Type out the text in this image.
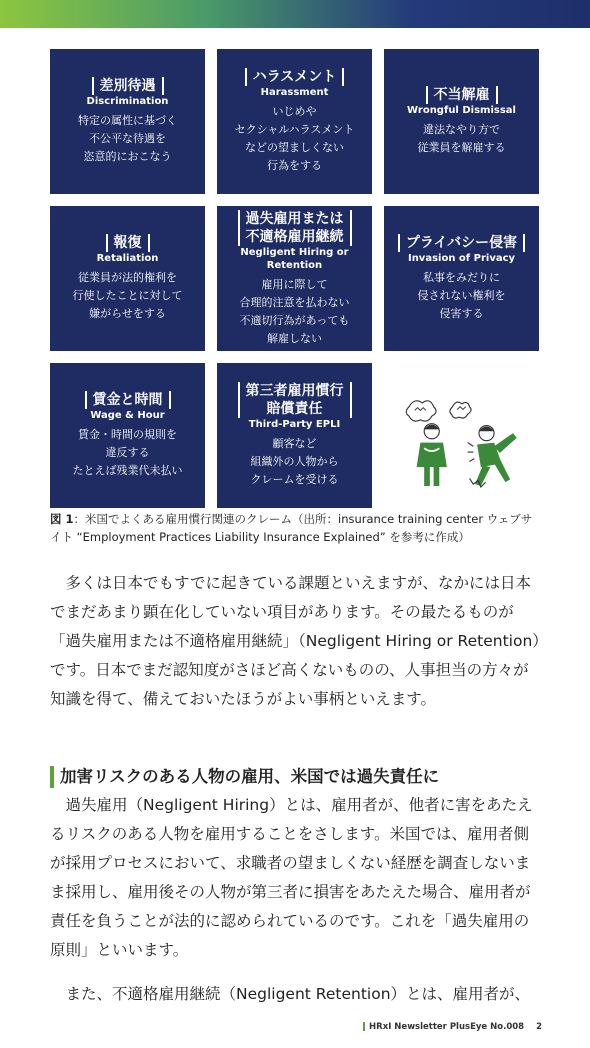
差別待遇
Discrimination
特定の属性に基づく
不公平な待遇を
恣意的におこなう
ハラスメント
Harassment
いじめや
セクシャルハラスメント
などの望ましくない
行為をする
不当解雇
Wrongful Dismissal
違法なやり方で
従業員を解雇する
報復
Retaliation
従業員が法的権利を
行使したことに対して
嫌がらせをする
過失雇用または
不適格雇用継続
Negligent Hiring or
Retention
雇用に際して
合理的注意を払わない
不適切行為があっても
解雇しない
プライバシー侵害
Invasion of Privacy
私事をみだりに
侵されない権利を
侵害する
賃金と時間
Wage & Hour
賃金・時間の規則を
違反する
たとえば残業代未払い
第三者雇用慣行
賠償責任
Third-Party EPLI
顧客など
組織外の人物から
クレームを受ける
図 1：米国でよくある雇用慣行関連のクレーム（出所：insurance training center ウェブサイト “Employment Practices Liability Insurance Explained” を参考に作成）

　多くは日本でもすでに起きている課題といえますが、なかには日本でまだあまり顕在化していない項目があります。その最たるものが「過失雇用または不適格雇用継続」（Negligent Hiring or Retention）です。日本でまだ認知度がさほど高くないものの、人事担当の方々が知識を得て、備えておいたほうがよい事柄といえます。

加害リスクのある人物の雇用、米国では過失責任に

　過失雇用（Negligent Hiring）とは、雇用者が、他者に害をあたえるリスクのある人物を雇用することをさします。米国では、雇用者側が採用プロセスにおいて、求職者の望ましくない経歴を調査しないまま採用し、雇用後その人物が第三者に損害をあたえた場合、雇用者が責任を負うことが法的に認められているのです。これを「過失雇用の原則」といいます。

　また、不適格雇用継続（Negligent Retention）とは、雇用者が、

HRxI Newsletter PlusEye No.008 2
